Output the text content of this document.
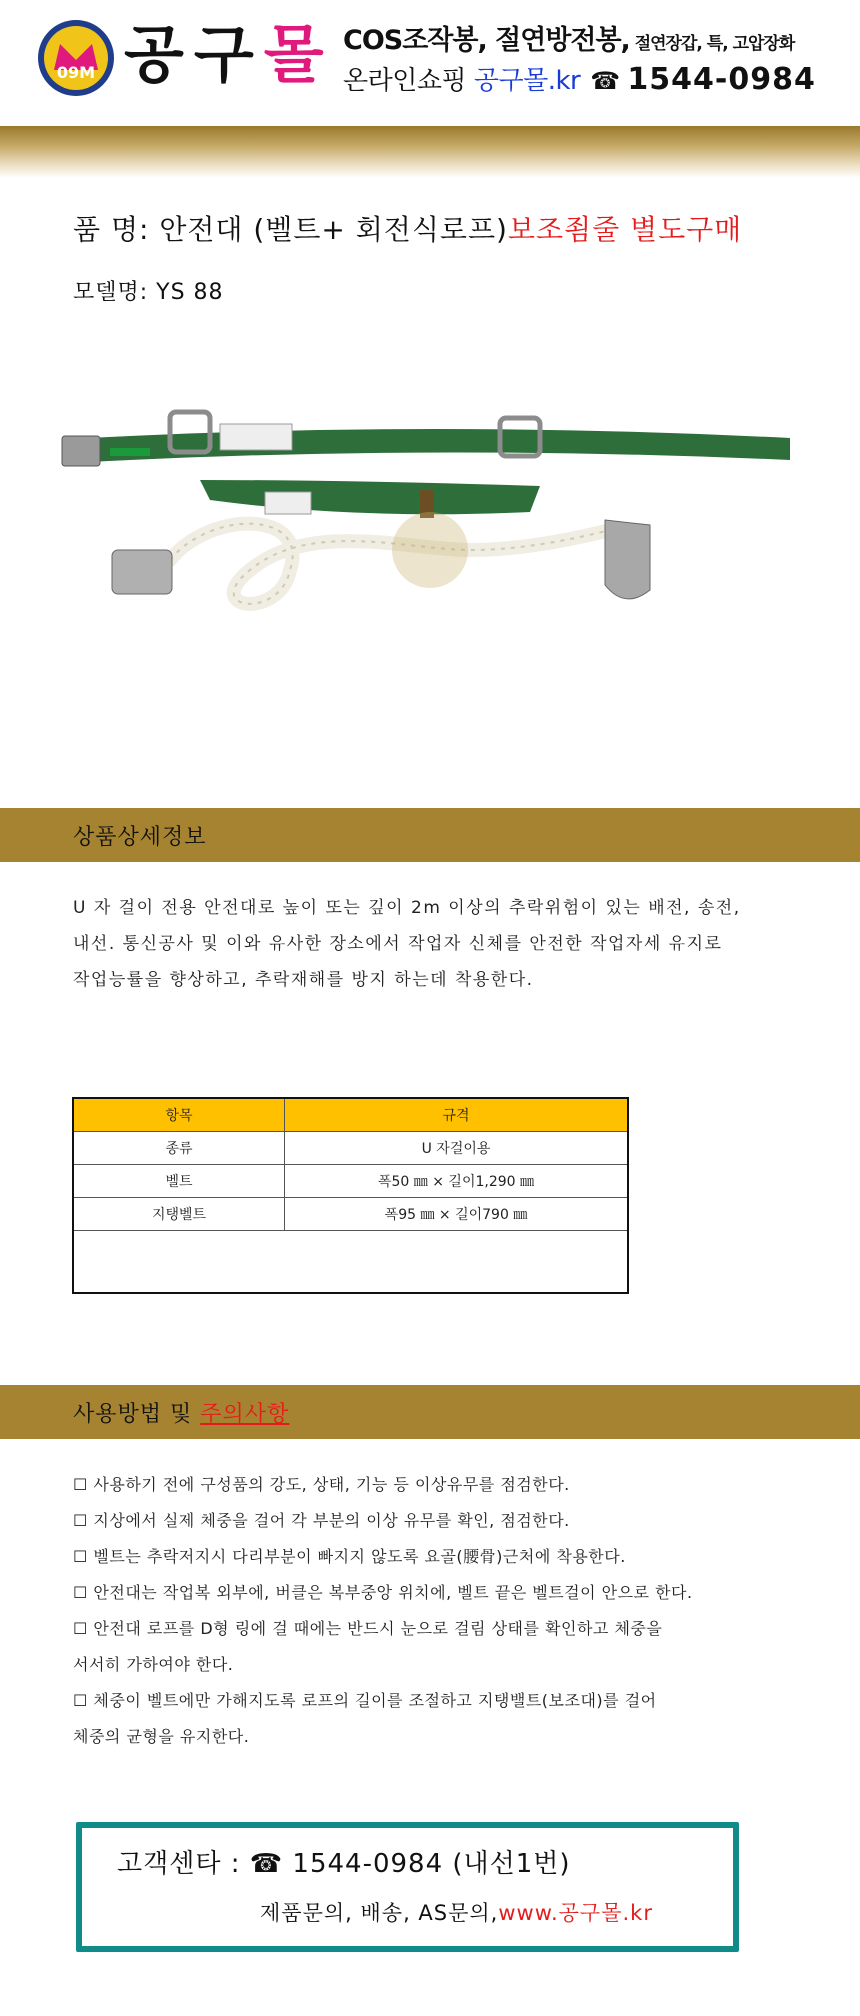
09M 공구몰 COS조작봉, 절연방전봉, 절연장갑, 특, 고압장화
온라인쇼핑 공구몰.kr ☎ 1544-0984
품 명: 안전대 (벨트+ 회전식로프)보조죔줄 별도구매
모델명: YS 88
상품상세정보
U 자 걸이 전용 안전대로 높이 또는 깊이 2m 이상의 추락위험이 있는 배전, 송전,
내선. 통신공사 및 이와 유사한 장소에서 작업자 신체를 안전한 작업자세 유지로
작업능률을 향상하고, 추락재해를 방지 하는데 착용한다.
항목	규격
종류	U 자걸이용
벨트	폭50 ㎜ × 길이1,290 ㎜
지탱벨트	폭95 ㎜ × 길이790 ㎜
사용방법 및 주의사항
☐ 사용하기 전에 구성품의 강도, 상태, 기능 등 이상유무를 점검한다.
☐ 지상에서 실제 체중을 걸어 각 부분의 이상 유무를 확인, 점검한다.
☐ 벨트는 추락저지시 다리부분이 빠지지 않도록 요골(腰骨)근처에 착용한다.
☐ 안전대는 작업복 외부에, 버클은 복부중앙 위치에, 벨트 끝은 벨트걸이 안으로 한다.
☐ 안전대 로프를 D형 링에 걸 때에는 반드시 눈으로 걸림 상태를 확인하고 체중을
서서히 가하여야 한다.
☐ 체중이 벨트에만 가해지도록 로프의 길이를 조절하고 지탱밸트(보조대)를 걸어
체중의 균형을 유지한다.
고객센타 : ☎ 1544-0984 (내선1번)
제품문의, 배송, AS문의,www.공구몰.kr
